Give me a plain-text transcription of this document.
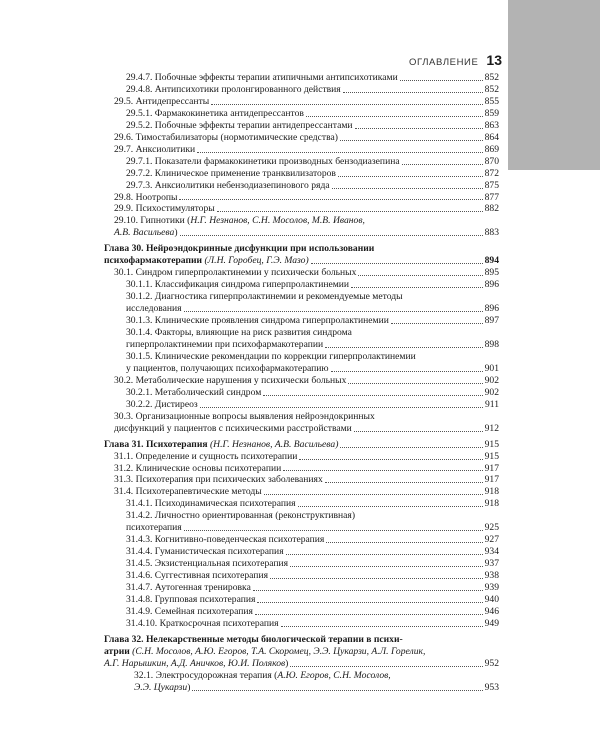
ОГЛАВЛЕНИЕ 13
29.4.7. Побочные эффекты терапии атипичными антипсихотиками	852
29.4.8. Антипсихотики пролонгированного действия	852
29.5. Антидепрессанты	855
29.5.1. Фармакокинетика антидепрессантов	859
29.5.2. Побочные эффекты терапии антидепрессантами	863
29.6. Тимостабилизаторы (нормотимические средства)	864
29.7. Анксиолитики	869
29.7.1. Показатели фармакокинетики производных бензодиазепина	870
29.7.2. Клиническое применение транквилизаторов	872
29.7.3. Анксиолитики небензодиазепинового ряда	875
29.8. Ноотропы	877
29.9. Психостимуляторы	882
29.10. Гипнотики (Н.Г. Незнанов, С.Н. Мосолов, М.В. Иванов,
А.В. Васильева)	883
Глава 30. Нейроэндокринные дисфункции при использовании
психофармакотерапии (Л.Н. Горобец, Г.Э. Мазо)	894
30.1. Синдром гиперпролактинемии у психически больных	895
30.1.1. Классификация синдрома гиперпролактинемии	896
30.1.2. Диагностика гиперпролактинемии и рекомендуемые методы
исследования	896
30.1.3. Клинические проявления синдрома гиперпролактинемии	897
30.1.4. Факторы, влияющие на риск развития синдрома
гиперпролактинемии при психофармакотерапии	898
30.1.5. Клинические рекомендации по коррекции гиперпролактинемии
у пациентов, получающих психофармакотерапию	901
30.2. Метаболические нарушения у психически больных	902
30.2.1. Метаболический синдром	902
30.2.2. Дистиреоз	911
30.3. Организационные вопросы выявления нейроэндокринных
дисфункций у пациентов с психическими расстройствами	912
Глава 31. Психотерапия (Н.Г. Незнанов, А.В. Васильева)	915
31.1. Определение и сущность психотерапии	915
31.2. Клинические основы психотерапии	917
31.3. Психотерапия при психических заболеваниях	917
31.4. Психотерапевтические методы	918
31.4.1. Психодинамическая психотерапия	918
31.4.2. Личностно ориентированная (реконструктивная)
психотерапия	925
31.4.3. Когнитивно-поведенческая психотерапия	927
31.4.4. Гуманистическая психотерапия	934
31.4.5. Экзистенциальная психотерапия	937
31.4.6. Суггестивная психотерапия	938
31.4.7. Аутогенная тренировка	939
31.4.8. Групповая психотерапия	940
31.4.9. Семейная психотерапия	946
31.4.10. Краткосрочная психотерапия	949
Глава 32. Нелекарственные методы биологической терапии в психи-
атрии (С.Н. Мосолов, А.Ю. Егоров, Т.А. Скоромец, Э.Э. Цукарзи, А.Л. Горелик,
А.Г. Нарышкин, А.Д. Аничков, Ю.И. Поляков)	952
32.1. Электросудорожная терапия (А.Ю. Егоров, С.Н. Мосолов,
Э.Э. Цукарзи)	953
